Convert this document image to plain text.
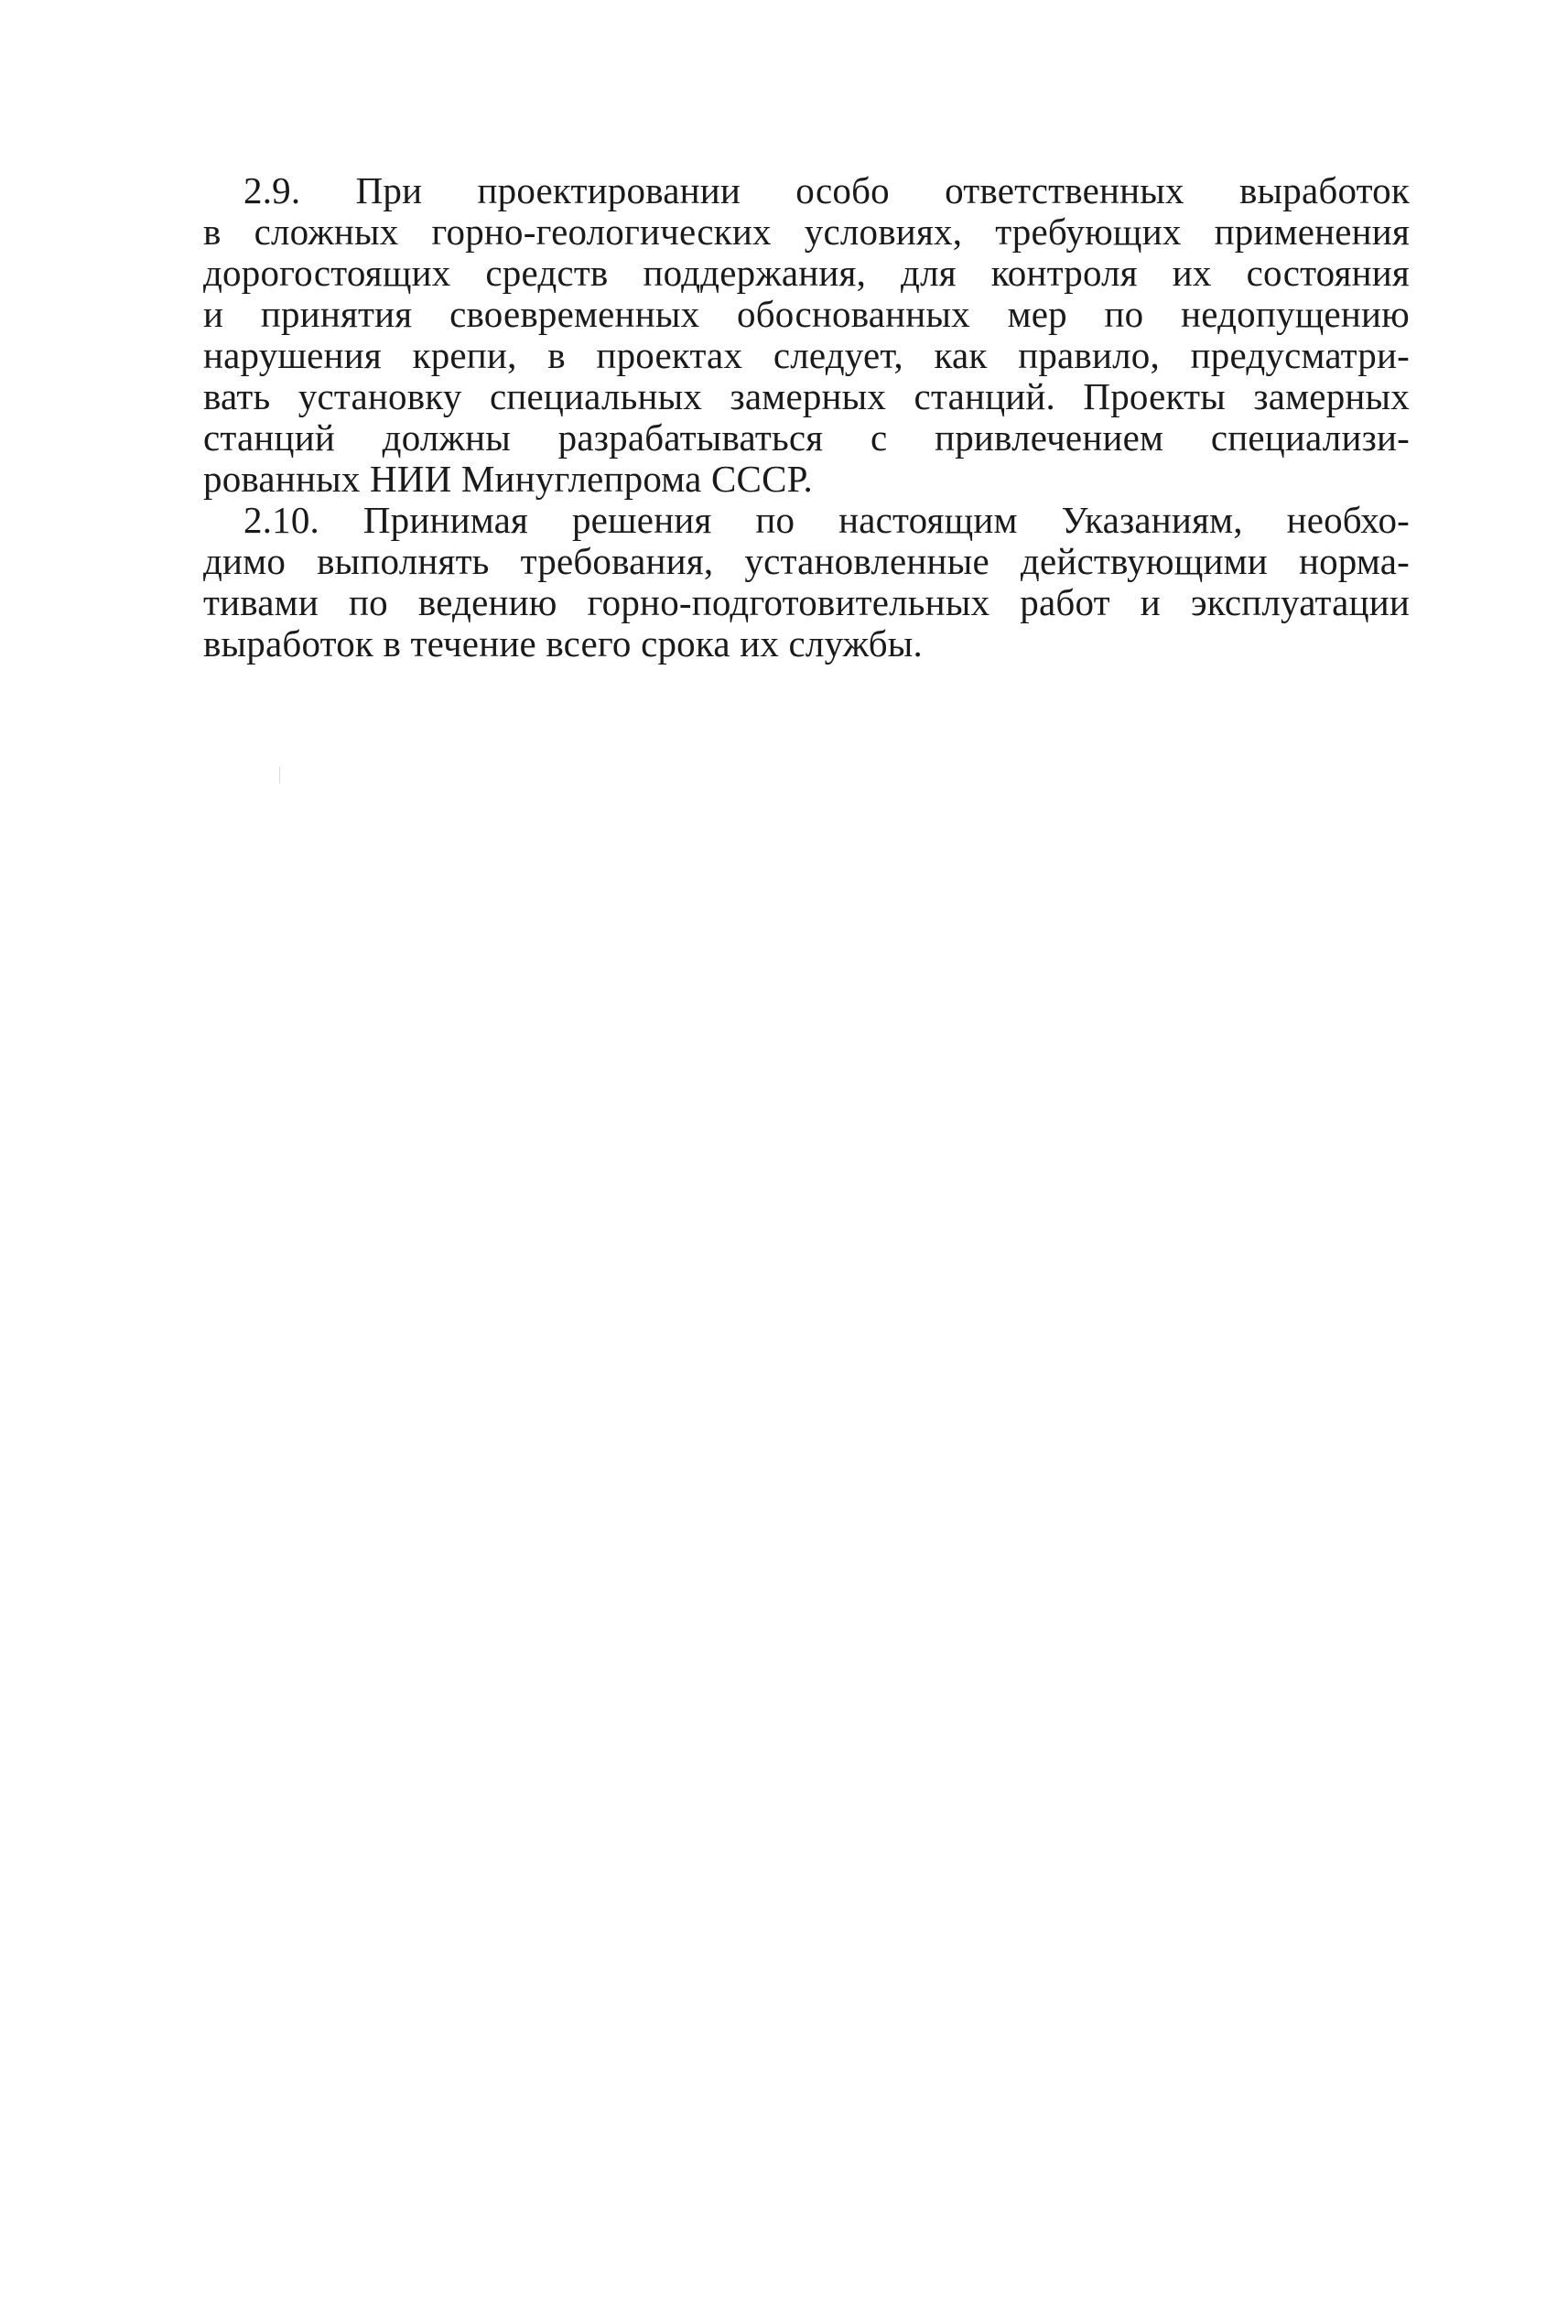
2.9. При проектировании особо ответственных выработок
в сложных горно-геологических условиях, требующих применения
дорогостоящих средств поддержания, для контроля их состояния
и принятия своевременных обоснованных мер по недопущению
нарушения крепи, в проектах следует, как правило, предусматри-
вать установку специальных замерных станций. Проекты замерных
станций должны разрабатываться с привлечением специализи-
рованных НИИ Минуглепрома СССР.
2.10. Принимая решения по настоящим Указаниям, необхо-
димо выполнять требования, установленные действующими норма-
тивами по ведению горно-подготовительных работ и эксплуатации
выработок в течение всего срока их службы.
